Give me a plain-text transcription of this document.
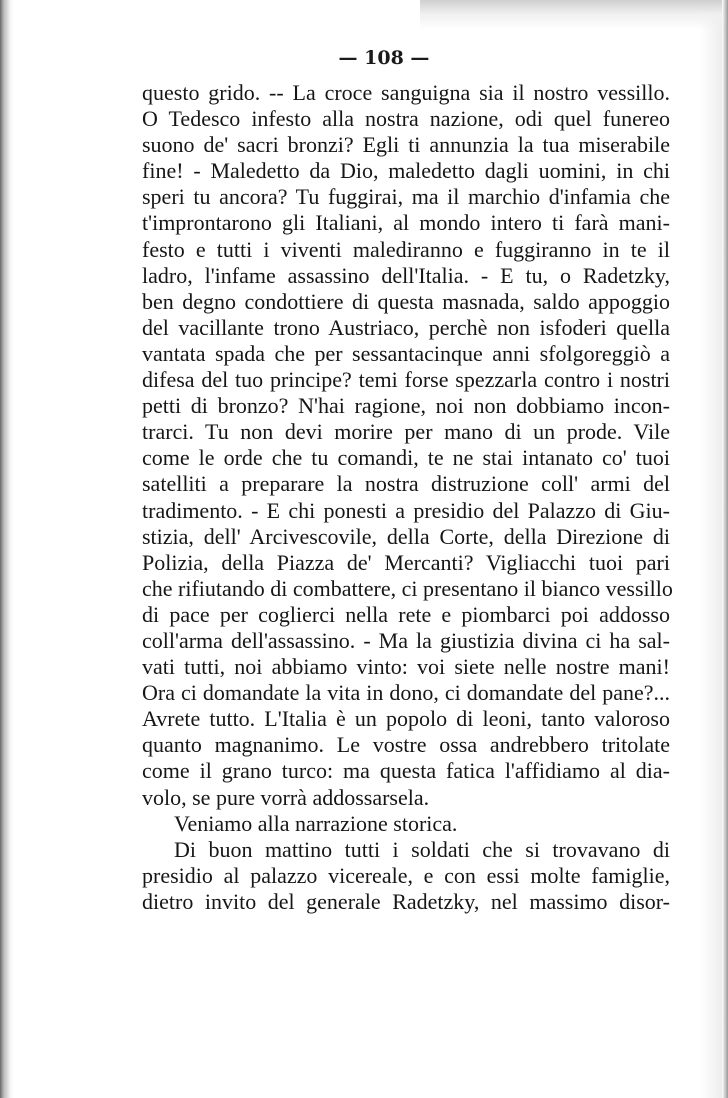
— 108 —
questo grido. -- La croce sanguigna sia il nostro vessillo.
O Tedesco infesto alla nostra nazione, odi quel funereo
suono de' sacri bronzi? Egli ti annunzia la tua miserabile
fine! - Maledetto da Dio, maledetto dagli uomini, in chi
speri tu ancora? Tu fuggirai, ma il marchio d'infamia che
t'improntarono gli Italiani, al mondo intero ti farà mani-
festo e tutti i viventi malediranno e fuggiranno in te il
ladro, l'infame assassino dell'Italia. - E tu, o Radetzky,
ben degno condottiere di questa masnada, saldo appoggio
del vacillante trono Austriaco, perchè non isfoderi quella
vantata spada che per sessantacinque anni sfolgoreggiò a
difesa del tuo principe? temi forse spezzarla contro i nostri
petti di bronzo? N'hai ragione, noi non dobbiamo incon-
trarci. Tu non devi morire per mano di un prode. Vile
come le orde che tu comandi, te ne stai intanato co' tuoi
satelliti a preparare la nostra distruzione coll' armi del
tradimento. - E chi ponesti a presidio del Palazzo di Giu-
stizia, dell' Arcivescovile, della Corte, della Direzione di
Polizia, della Piazza de' Mercanti? Vigliacchi tuoi pari
che rifiutando di combattere, ci presentano il bianco vessillo
di pace per coglierci nella rete e piombarci poi addosso
coll'arma dell'assassino. - Ma la giustizia divina ci ha sal-
vati tutti, noi abbiamo vinto: voi siete nelle nostre mani!
Ora ci domandate la vita in dono, ci domandate del pane?...
Avrete tutto. L'Italia è un popolo di leoni, tanto valoroso
quanto magnanimo. Le vostre ossa andrebbero tritolate
come il grano turco: ma questa fatica l'affidiamo al dia-
volo, se pure vorrà addossarsela.
Veniamo alla narrazione storica.
Di buon mattino tutti i soldati che si trovavano di
presidio al palazzo vicereale, e con essi molte famiglie,
dietro invito del generale Radetzky, nel massimo disor-
